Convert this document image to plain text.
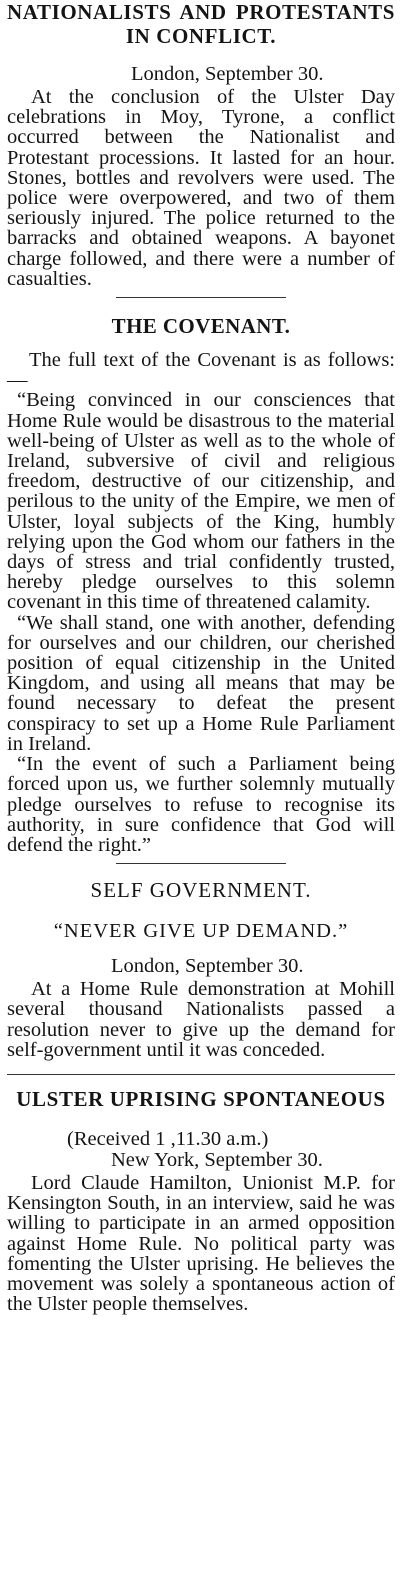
NATIONALISTS AND PROTESTANTS IN CONFLICT.
London, September 30.

At the conclusion of the Ulster Day celebrations in Moy, Tyrone, a conflict occurred between the Nationalist and Protestant processions. It lasted for an hour. Stones, bottles and revolvers were used. The police were overpowered, and two of them seriously injured. The police returned to the barracks and obtained weapons. A bayonet charge followed, and there were a number of casualties.

THE COVENANT.

The full text of the Covenant is as follows:—

“Being convinced in our consciences that Home Rule would be disastrous to the material well-being of Ulster as well as to the whole of Ireland, subversive of civil and religious freedom, destructive of our citizenship, and perilous to the unity of the Empire, we men of Ulster, loyal subjects of the King, humbly relying upon the God whom our fathers in the days of stress and trial confidently trusted, hereby pledge ourselves to this solemn covenant in this time of threatened calamity.

“We shall stand, one with another, defending for ourselves and our children, our cherished position of equal citizenship in the United Kingdom, and using all means that may be found necessary to defeat the present conspiracy to set up a Home Rule Parliament in Ireland.

“In the event of such a Parliament being forced upon us, we further solemnly mutually pledge ourselves to refuse to recognise its authority, in sure confidence that God will defend the right.”

SELF GOVERNMENT.
“NEVER GIVE UP DEMAND.”
London, September 30.

At a Home Rule demonstration at Mohill several thousand Nationalists passed a resolution never to give up the demand for self-government until it was conceded.

ULSTER UPRISING SPONTANEOUS
(Received 1 ,11.30 a.m.)
New York, September 30.

Lord Claude Hamilton, Unionist M.P. for Kensington South, in an interview, said he was willing to participate in an armed opposition against Home Rule. No political party was fomenting the Ulster uprising. He believes the movement was solely a spontaneous action of the Ulster people themselves.
